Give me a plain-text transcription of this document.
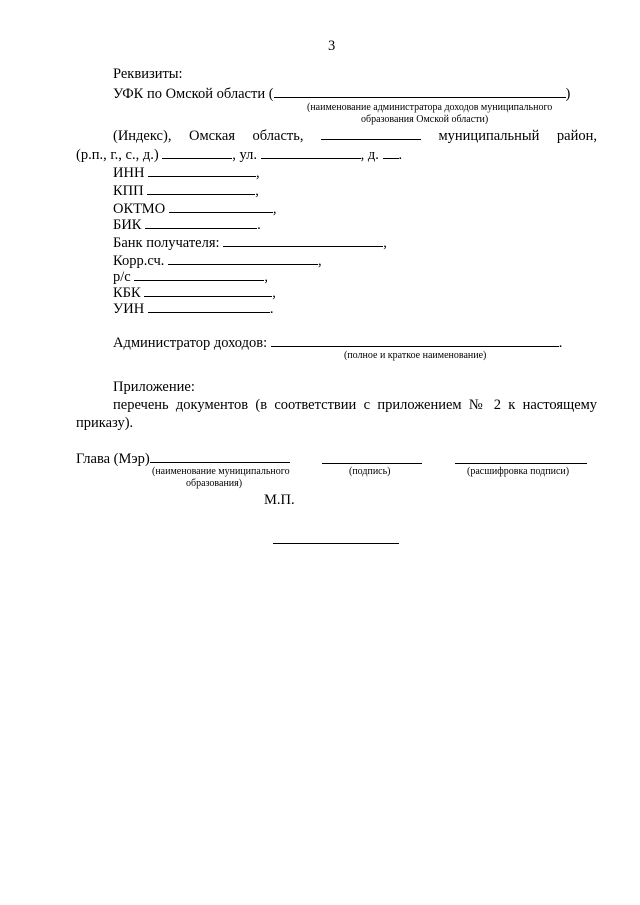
3
Реквизиты:
УФК по Омской области (	)
(наименование администратора доходов муниципального
образования Омской области)
(Индекс), Омская область,	муниципальный район,
(р.п., г., с., д.)	, ул.	, д. .
ИНН	,
КПП	,
ОКТМО	,
БИК	.
Банк получателя:	,
Корр.сч.	,
р/с	,
КБК	,
УИН	.
Администратор доходов:	.
(полное и краткое наименование)
Приложение:
перечень документов (в соответствии с приложением № 2 к настоящему
приказу).
Глава (Мэр)
(наименование муниципального
образования)
(подпись)	(расшифровка подписи)
М.П.
